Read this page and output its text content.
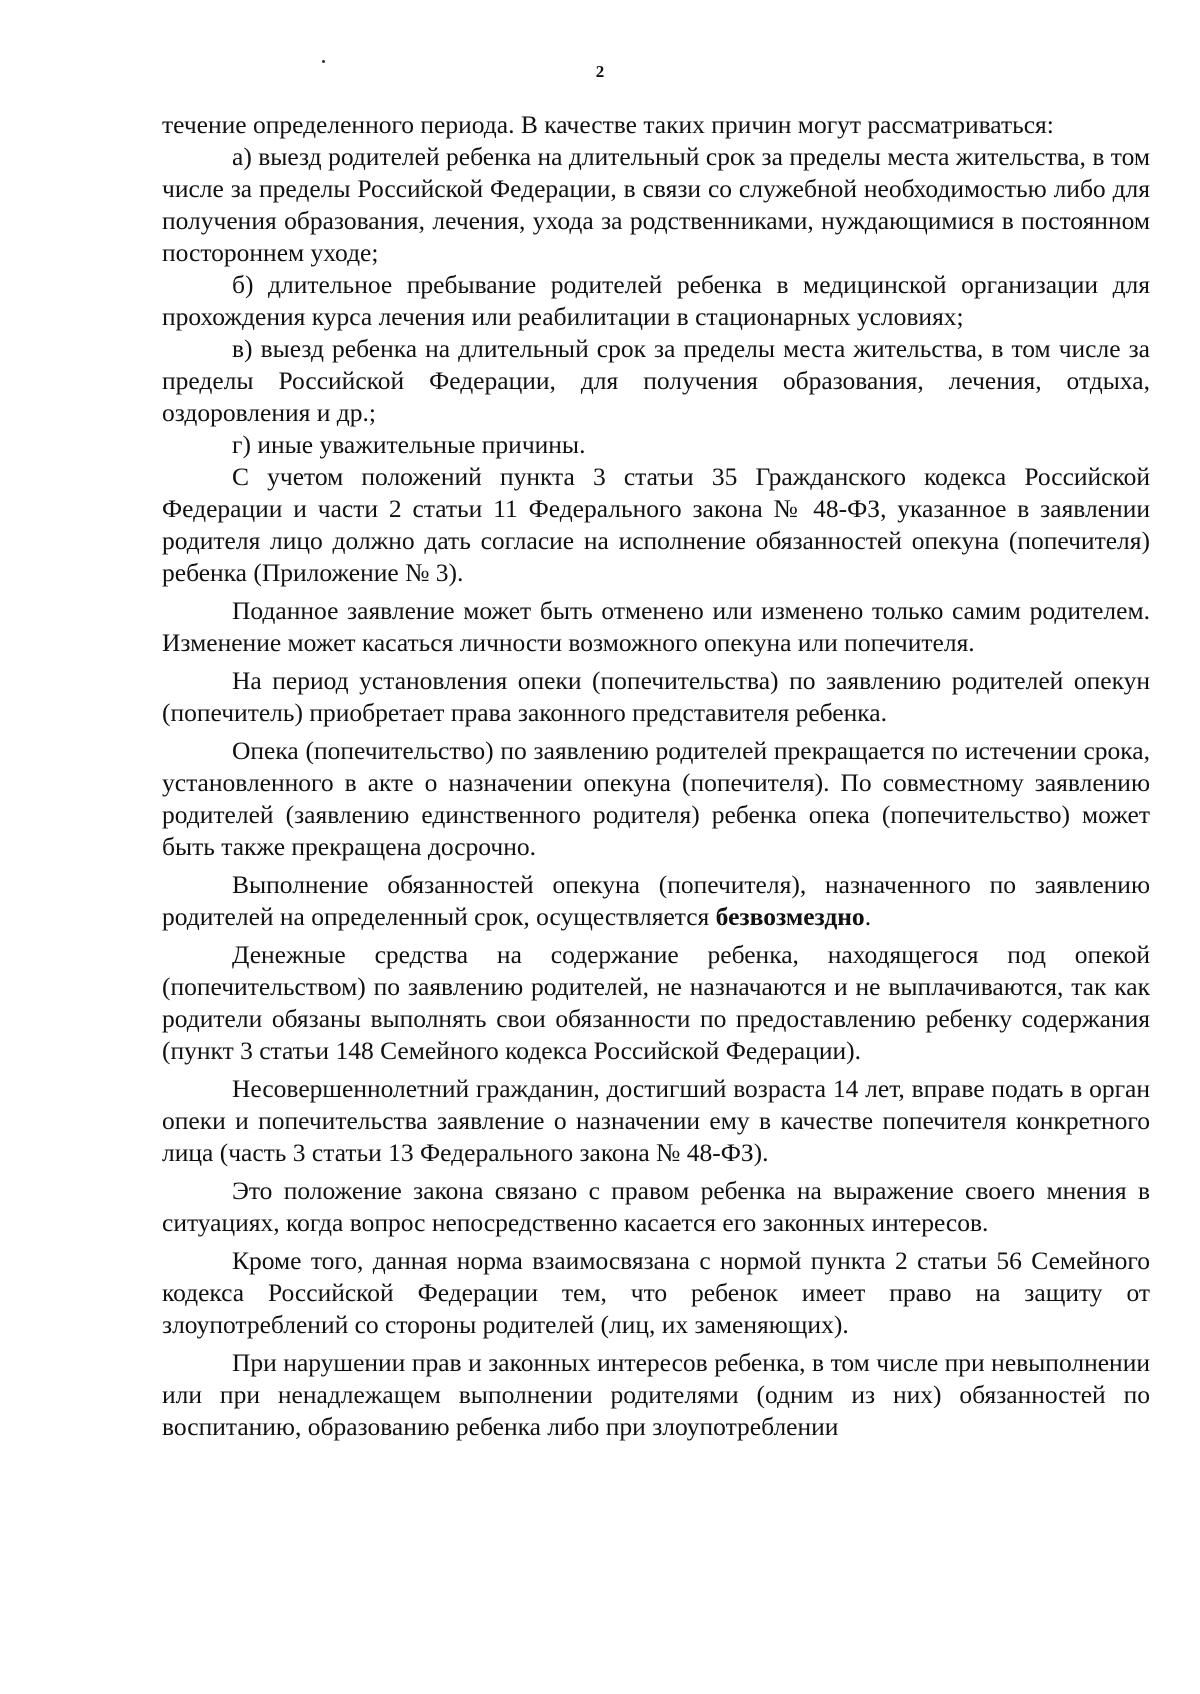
2

течение определенного периода. В качестве таких причин могут рассматриваться:

а) выезд родителей ребенка на длительный срок за пределы места жительства, в том числе за пределы Российской Федерации, в связи со служебной необходимостью либо для получения образования, лечения, ухода за родственниками, нуждающимися в постоянном постороннем уходе;

б) длительное пребывание родителей ребенка в медицинской организации для прохождения курса лечения или реабилитации в стационарных условиях;

в) выезд ребенка на длительный срок за пределы места жительства, в том числе за пределы Российской Федерации, для получения образования, лечения, отдыха, оздоровления и др.;

г) иные уважительные причины.

С учетом положений пункта 3 статьи 35 Гражданского кодекса Российской Федерации и части 2 статьи 11 Федерального закона № 48-ФЗ, указанное в заявлении родителя лицо должно дать согласие на исполнение обязанностей опекуна (попечителя) ребенка (Приложение № 3).

Поданное заявление может быть отменено или изменено только самим родителем. Изменение может касаться личности возможного опекуна или попечителя.

На период установления опеки (попечительства) по заявлению родителей опекун (попечитель) приобретает права законного представителя ребенка.

Опека (попечительство) по заявлению родителей прекращается по истечении срока, установленного в акте о назначении опекуна (попечителя). По совместному заявлению родителей (заявлению единственного родителя) ребенка опека (попечительство) может быть также прекращена досрочно.

Выполнение обязанностей опекуна (попечителя), назначенного по заявлению родителей на определенный срок, осуществляется безвозмездно.

Денежные средства на содержание ребенка, находящегося под опекой (попечительством) по заявлению родителей, не назначаются и не выплачиваются, так как родители обязаны выполнять свои обязанности по предоставлению ребенку содержания (пункт 3 статьи 148 Семейного кодекса Российской Федерации).

Несовершеннолетний гражданин, достигший возраста 14 лет, вправе подать в орган опеки и попечительства заявление о назначении ему в качестве попечителя конкретного лица (часть 3 статьи 13 Федерального закона № 48-ФЗ).

Это положение закона связано с правом ребенка на выражение своего мнения в ситуациях, когда вопрос непосредственно касается его законных интересов.

Кроме того, данная норма взаимосвязана с нормой пункта 2 статьи 56 Семейного кодекса Российской Федерации тем, что ребенок имеет право на защиту от злоупотреблений со стороны родителей (лиц, их заменяющих).

При нарушении прав и законных интересов ребенка, в том числе при невыполнении или при ненадлежащем выполнении родителями (одним из них) обязанностей по воспитанию, образованию ребенка либо при злоупотреблении
